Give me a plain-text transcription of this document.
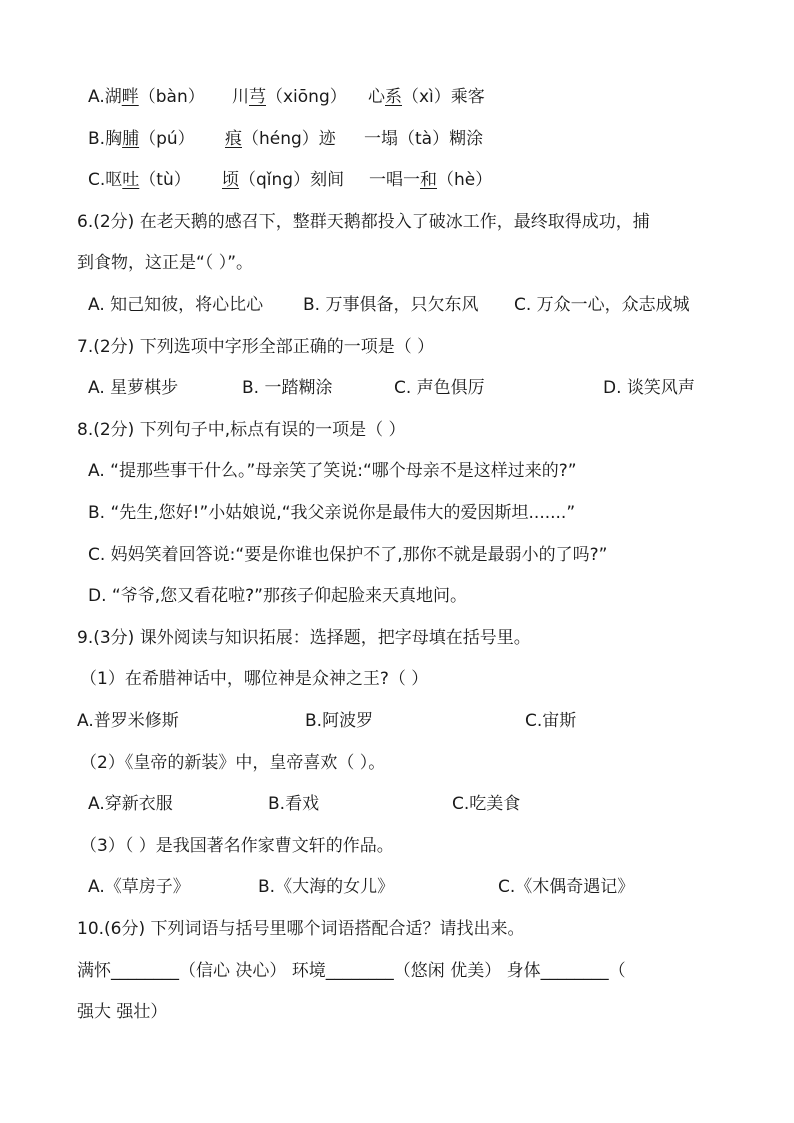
A.湖畔（bàn） 川芎（xiōng） 心系（xì）乘客
B.胸脯（pú） 痕（héng）迹 一塌（tà）糊涂
C.呕吐（tù） 顷（qǐng）刻间 一唱一和（hè）
6.(2分) 在老天鹅的感召下，整群天鹅都投入了破冰工作，最终取得成功，捕
到食物，这正是“（ ）”。
A. 知己知彼，将心比心 B. 万事俱备，只欠东风 C. 万众一心，众志成城
7.(2分) 下列选项中字形全部正确的一项是（ ）
A. 星萝棋步	B. 一踏糊涂	C. 声色俱厉	D. 谈笑风声
8.(2分) 下列句子中,标点有误的一项是（ ）
A. “提那些事干什么。”母亲笑了笑说:“哪个母亲不是这样过来的?”
B. “先生,您好!”小姑娘说,“我父亲说你是最伟大的爱因斯坦.......”
C. 妈妈笑着回答说:“要是你谁也保护不了,那你不就是最弱小的了吗?”
D. “爷爷,您又看花啦?”那孩子仰起脸来天真地问。
9.(3分) 课外阅读与知识拓展：选择题，把字母填在括号里。
（1）在希腊神话中，哪位神是众神之王?（ ）
A.普罗米修斯	B.阿波罗	C.宙斯
（2）《皇帝的新装》中，皇帝喜欢（ ）。
A.穿新衣服	B.看戏	C.吃美食
（3）（ ）是我国著名作家曹文轩的作品。
A.《草房子》	B.《大海的女儿》	C.《木偶奇遇记》
10.(6分) 下列词语与括号里哪个词语搭配合适？请找出来。
满怀________（信心 决心） 环境________（悠闲 优美） 身体________（
强大 强壮）
